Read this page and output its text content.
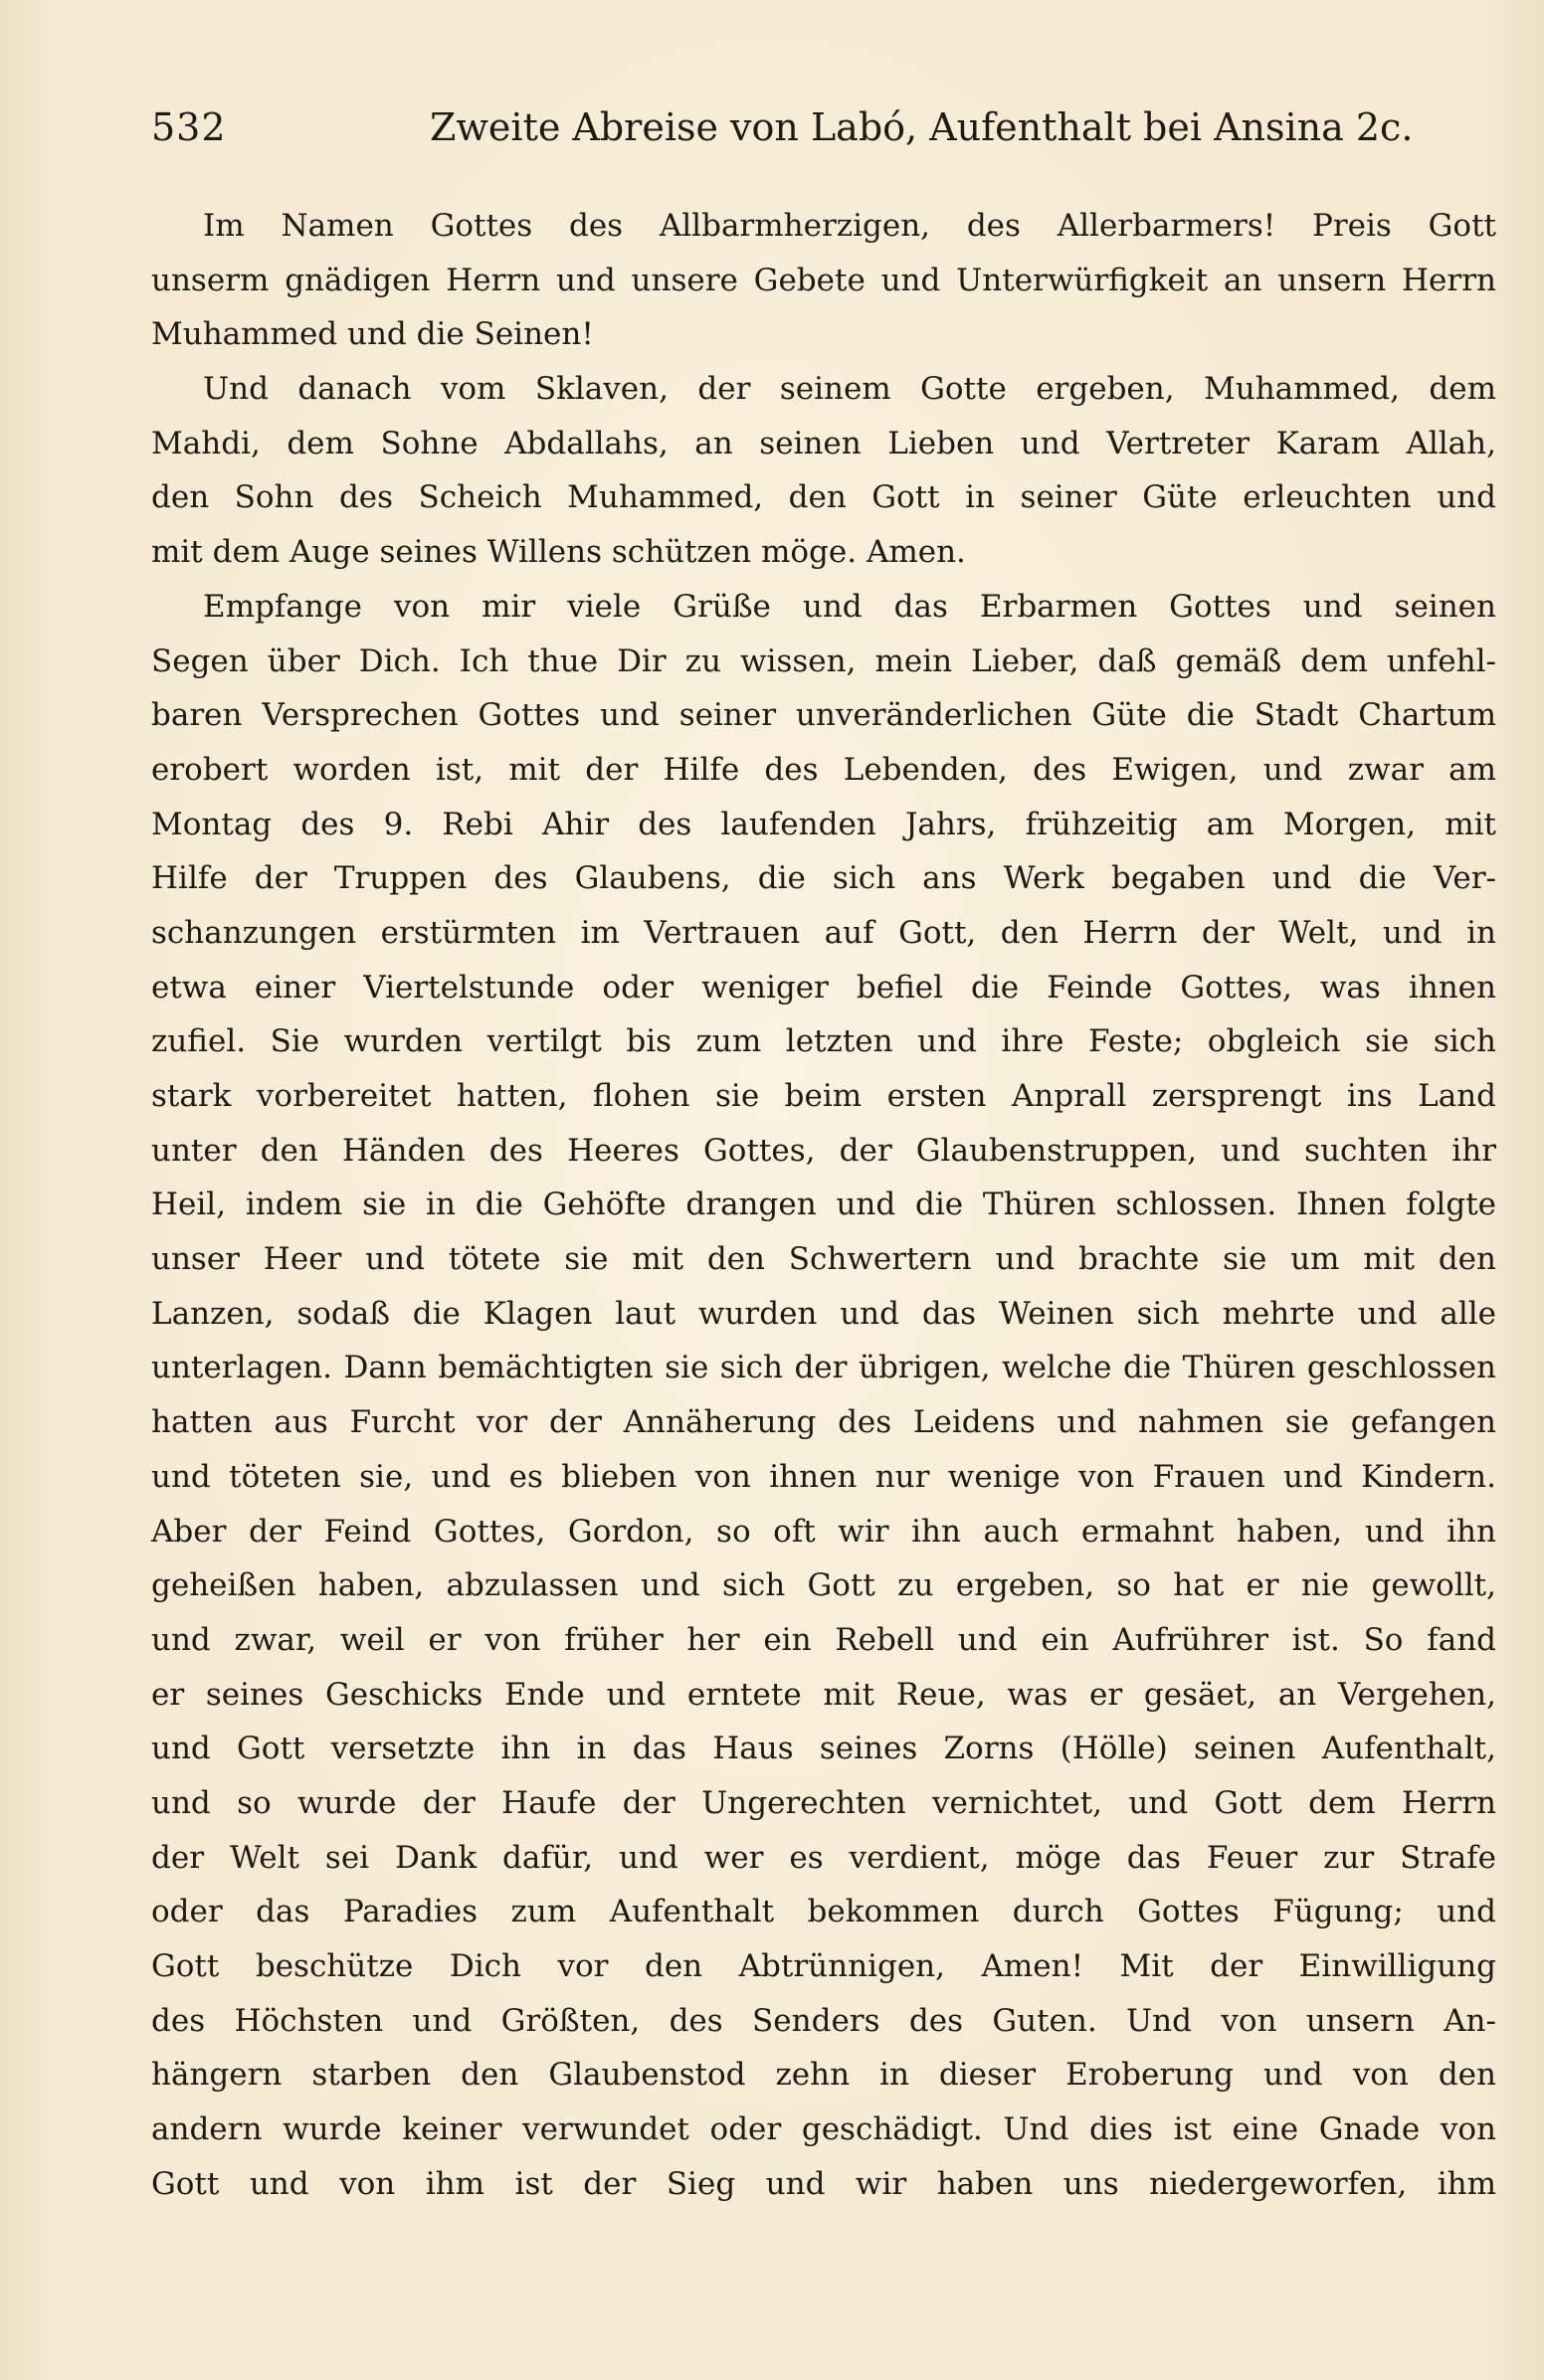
532	Zweite Abreise von Labó, Aufenthalt bei Ansina 2c.
Im Namen Gottes des Allbarmherzigen, des Allerbarmers! Preis Gott
unserm gnädigen Herrn und unsere Gebete und Unterwürfigkeit an unsern Herrn
Muhammed und die Seinen!
Und danach vom Sklaven, der seinem Gotte ergeben, Muhammed, dem
Mahdi, dem Sohne Abdallahs, an seinen Lieben und Vertreter Karam Allah,
den Sohn des Scheich Muhammed, den Gott in seiner Güte erleuchten und
mit dem Auge seines Willens schützen möge. Amen.
Empfange von mir viele Grüße und das Erbarmen Gottes und seinen
Segen über Dich. Ich thue Dir zu wissen, mein Lieber, daß gemäß dem unfehl-
baren Versprechen Gottes und seiner unveränderlichen Güte die Stadt Chartum
erobert worden ist, mit der Hilfe des Lebenden, des Ewigen, und zwar am
Montag des 9. Rebi Ahir des laufenden Jahrs, frühzeitig am Morgen, mit
Hilfe der Truppen des Glaubens, die sich ans Werk begaben und die Ver-
schanzungen erstürmten im Vertrauen auf Gott, den Herrn der Welt, und in
etwa einer Viertelstunde oder weniger befiel die Feinde Gottes, was ihnen
zufiel. Sie wurden vertilgt bis zum letzten und ihre Feste; obgleich sie sich
stark vorbereitet hatten, flohen sie beim ersten Anprall zersprengt ins Land
unter den Händen des Heeres Gottes, der Glaubenstruppen, und suchten ihr
Heil, indem sie in die Gehöfte drangen und die Thüren schlossen. Ihnen folgte
unser Heer und tötete sie mit den Schwertern und brachte sie um mit den
Lanzen, sodaß die Klagen laut wurden und das Weinen sich mehrte und alle
unterlagen. Dann bemächtigten sie sich der übrigen, welche die Thüren geschlossen
hatten aus Furcht vor der Annäherung des Leidens und nahmen sie gefangen
und töteten sie, und es blieben von ihnen nur wenige von Frauen und Kindern.
Aber der Feind Gottes, Gordon, so oft wir ihn auch ermahnt haben, und ihn
geheißen haben, abzulassen und sich Gott zu ergeben, so hat er nie gewollt,
und zwar, weil er von früher her ein Rebell und ein Aufrührer ist. So fand
er seines Geschicks Ende und erntete mit Reue, was er gesäet, an Vergehen,
und Gott versetzte ihn in das Haus seines Zorns (Hölle) seinen Aufenthalt,
und so wurde der Haufe der Ungerechten vernichtet, und Gott dem Herrn
der Welt sei Dank dafür, und wer es verdient, möge das Feuer zur Strafe
oder das Paradies zum Aufenthalt bekommen durch Gottes Fügung; und
Gott beschütze Dich vor den Abtrünnigen, Amen! Mit der Einwilligung
des Höchsten und Größten, des Senders des Guten. Und von unsern An-
hängern starben den Glaubenstod zehn in dieser Eroberung und von den
andern wurde keiner verwundet oder geschädigt. Und dies ist eine Gnade von
Gott und von ihm ist der Sieg und wir haben uns niedergeworfen, ihm
